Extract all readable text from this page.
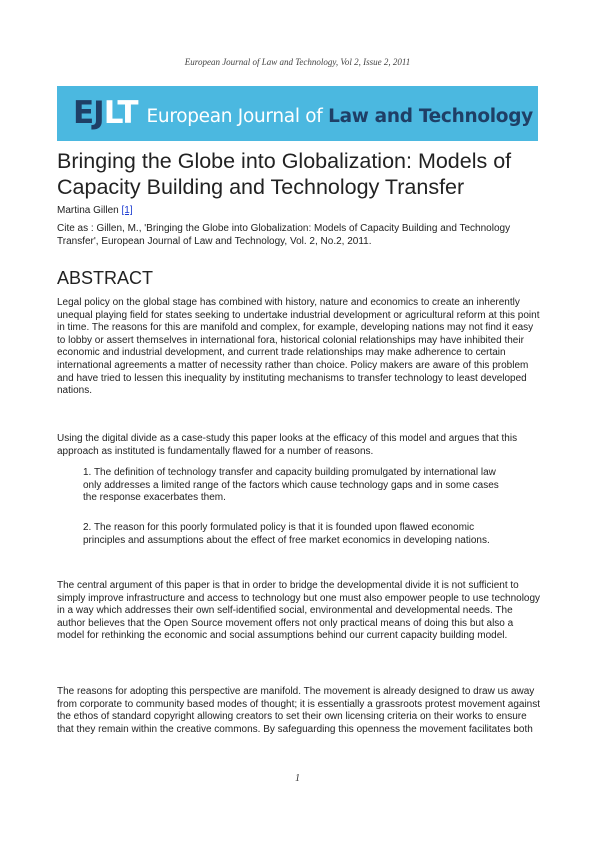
European Journal of Law and Technology, Vol 2, Issue 2, 2011
EJLT European Journal of Law and Technology
Bringing the Globe into Globalization: Models of Capacity Building and Technology Transfer
Martina Gillen [1]

Cite as : Gillen, M., 'Bringing the Globe into Globalization: Models of Capacity Building and Technology Transfer', European Journal of Law and Technology, Vol. 2, No.2, 2011.

ABSTRACT

Legal policy on the global stage has combined with history, nature and economics to create an inherently unequal playing field for states seeking to undertake industrial development or agricultural reform at this point in time. The reasons for this are manifold and complex, for example, developing nations may not find it easy to lobby or assert themselves in international fora, historical colonial relationships may have inhibited their economic and industrial development, and current trade relationships may make adherence to certain international agreements a matter of necessity rather than choice. Policy makers are aware of this problem and have tried to lessen this inequality by instituting mechanisms to transfer technology to least developed nations.

Using the digital divide as a case-study this paper looks at the efficacy of this model and argues that this approach as instituted is fundamentally flawed for a number of reasons.

1. The definition of technology transfer and capacity building promulgated by international law only addresses a limited range of the factors which cause technology gaps and in some cases the response exacerbates them.

2. The reason for this poorly formulated policy is that it is founded upon flawed economic principles and assumptions about the effect of free market economics in developing nations.

The central argument of this paper is that in order to bridge the developmental divide it is not sufficient to simply improve infrastructure and access to technology but one must also empower people to use technology in a way which addresses their own self-identified social, environmental and developmental needs. The author believes that the Open Source movement offers not only practical means of doing this but also a model for rethinking the economic and social assumptions behind our current capacity building model.

The reasons for adopting this perspective are manifold. The movement is already designed to draw us away from corporate to community based modes of thought; it is essentially a grassroots protest movement against the ethos of standard copyright allowing creators to set their own licensing criteria on their works to ensure that they remain within the creative commons. By safeguarding this openness the movement facilitates both

1
